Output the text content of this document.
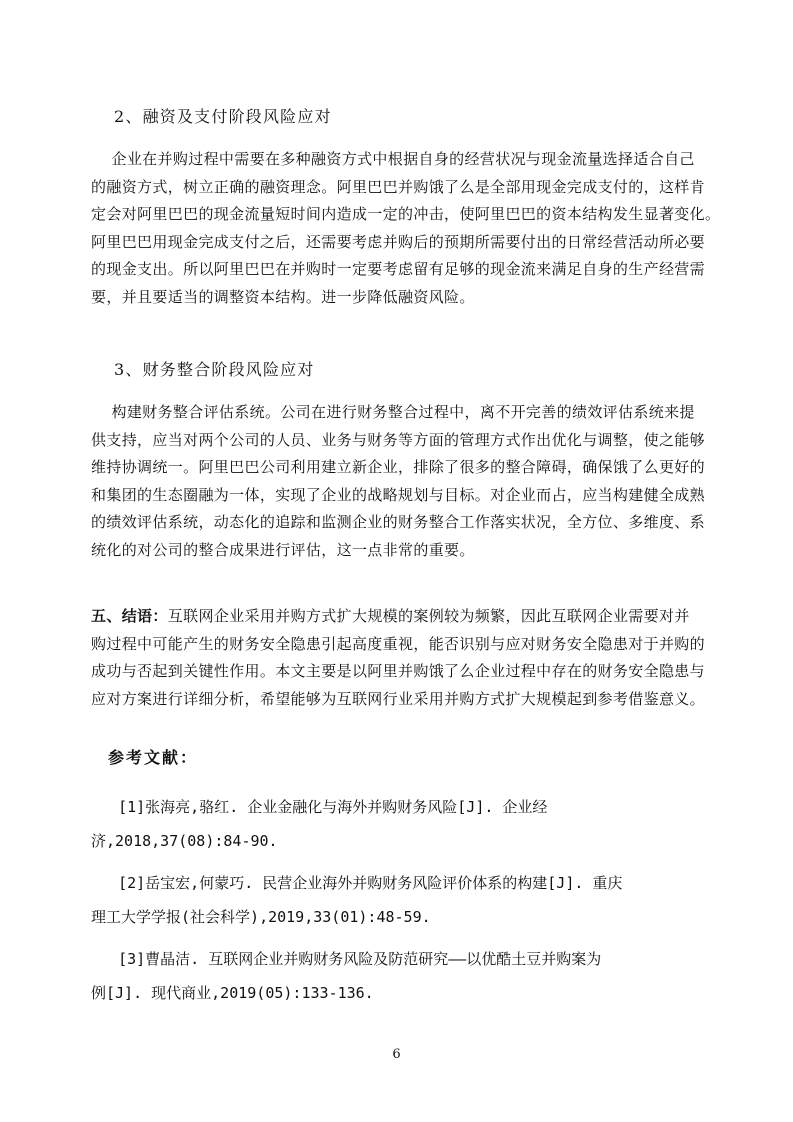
2、融资及支付阶段风险应对
企业在并购过程中需要在多种融资方式中根据自身的经营状况与现金流量选择适合自己
的融资方式，树立正确的融资理念。阿里巴巴并购饿了么是全部用现金完成支付的，这样肯
定会对阿里巴巴的现金流量短时间内造成一定的冲击，使阿里巴巴的资本结构发生显著变化。
阿里巴巴用现金完成支付之后，还需要考虑并购后的预期所需要付出的日常经营活动所必要
的现金支出。所以阿里巴巴在并购时一定要考虑留有足够的现金流来满足自身的生产经营需
要，并且要适当的调整资本结构。进一步降低融资风险。
3、财务整合阶段风险应对
构建财务整合评估系统。公司在进行财务整合过程中，离不开完善的绩效评估系统来提
供支持，应当对两个公司的人员、业务与财务等方面的管理方式作出优化与调整，使之能够
维持协调统一。阿里巴巴公司利用建立新企业，排除了很多的整合障碍，确保饿了么更好的
和集团的生态圈融为一体，实现了企业的战略规划与目标。对企业而占，应当构建健全成熟
的绩效评估系统，动态化的追踪和监测企业的财务整合工作落实状况，全方位、多维度、系
统化的对公司的整合成果进行评估，这一点非常的重要。
五、结语：互联网企业采用并购方式扩大规模的案例较为频繁，因此互联网企业需要对并
购过程中可能产生的财务安全隐患引起高度重视，能否识别与应对财务安全隐患对于并购的
成功与否起到关键性作用。本文主要是以阿里并购饿了么企业过程中存在的财务安全隐患与
应对方案进行详细分析，希望能够为互联网行业采用并购方式扩大规模起到参考借鉴意义。
参考文献：
[1]张海亮,骆红. 企业金融化与海外并购财务风险[J]. 企业经
济,2018,37(08):84-90.
[2]岳宝宏,何蒙巧. 民营企业海外并购财务风险评价体系的构建[J]. 重庆
理工大学学报(社会科学),2019,33(01):48-59.
[3]曹晶洁. 互联网企业并购财务风险及防范研究——以优酷土豆并购案为
例[J]. 现代商业,2019(05):133-136.
6
